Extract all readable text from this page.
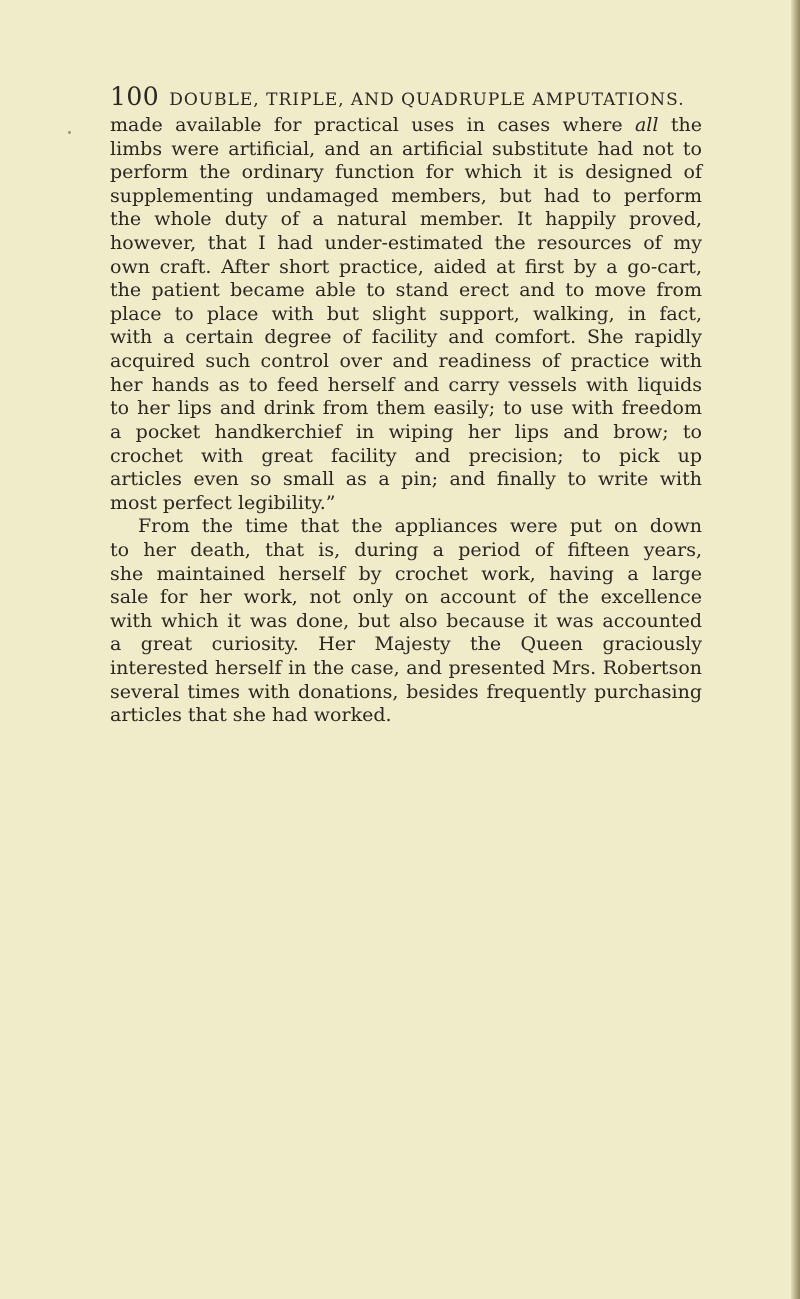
100 DOUBLE, TRIPLE, AND QUADRUPLE AMPUTATIONS.
made available for practical uses in cases where all the
limbs were artificial, and an artificial substitute had not to
perform the ordinary function for which it is designed of
supplementing undamaged members, but had to perform
the whole duty of a natural member. It happily proved,
however, that I had under-estimated the resources of my
own craft. After short practice, aided at first by a go-cart,
the patient became able to stand erect and to move from
place to place with but slight support, walking, in fact,
with a certain degree of facility and comfort. She rapidly
acquired such control over and readiness of practice with
her hands as to feed herself and carry vessels with liquids
to her lips and drink from them easily; to use with freedom
a pocket handkerchief in wiping her lips and brow; to
crochet with great facility and precision; to pick up
articles even so small as a pin; and finally to write with
most perfect legibility.”
From the time that the appliances were put on down
to her death, that is, during a period of fifteen years,
she maintained herself by crochet work, having a large
sale for her work, not only on account of the excellence
with which it was done, but also because it was accounted
a great curiosity. Her Majesty the Queen graciously
interested herself in the case, and presented Mrs. Robertson
several times with donations, besides frequently purchasing
articles that she had worked.
